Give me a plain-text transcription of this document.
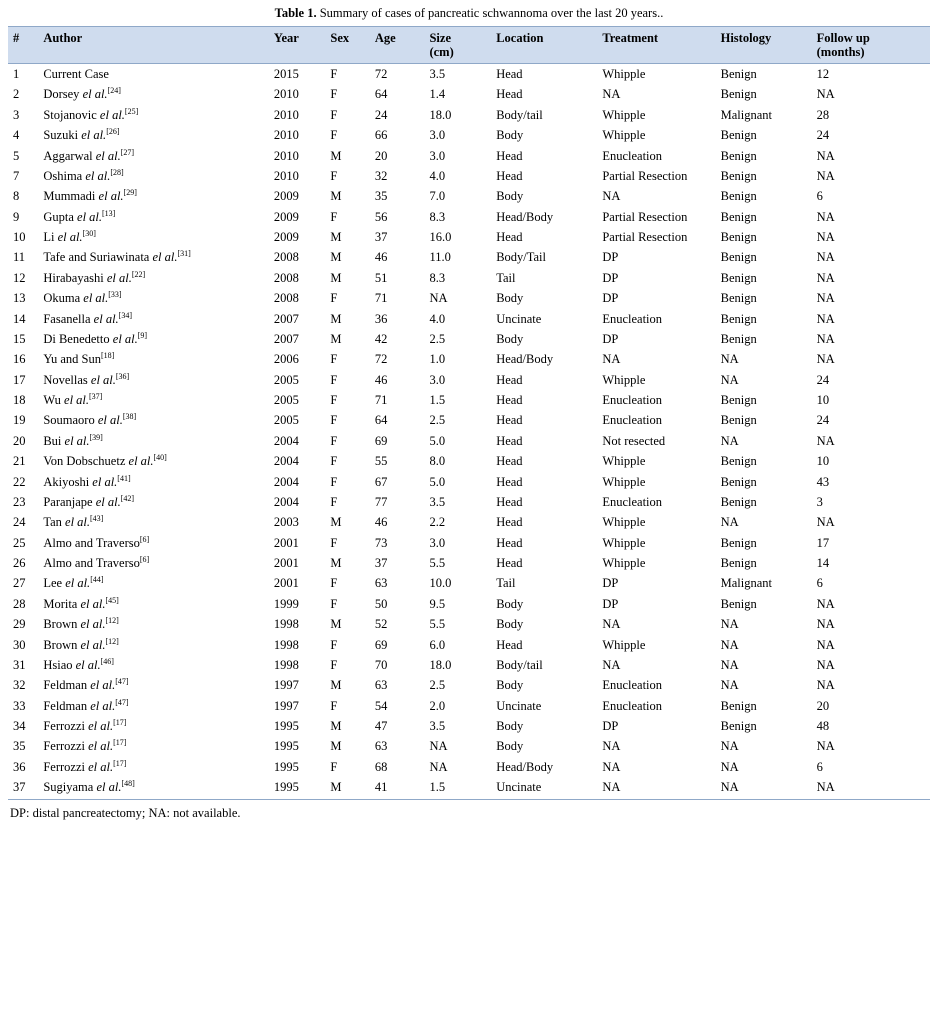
Table 1. Summary of cases of pancreatic schwannoma over the last 20 years..
#	Author	Year	Sex	Age	Size
(cm)	Location	Treatment	Histology	Follow up
(months)

1	Current Case	2015	F	72	3.5	Head	Whipple	Benign	12
2	Dorsey el al.[24]	2010	F	64	1.4	Head	NA	Benign	NA
3	Stojanovic el al.[25]	2010	F	24	18.0	Body/tail	Whipple	Malignant	28
4	Suzuki el al.[26]	2010	F	66	3.0	Body	Whipple	Benign	24
5	Aggarwal el al.[27]	2010	M	20	3.0	Head	Enucleation	Benign	NA
7	Oshima el al.[28]	2010	F	32	4.0	Head	Partial Resection	Benign	NA
8	Mummadi el al.[29]	2009	M	35	7.0	Body	NA	Benign	6
9	Gupta el al.[13]	2009	F	56	8.3	Head/Body	Partial Resection	Benign	NA
10	Li el al.[30]	2009	M	37	16.0	Head	Partial Resection	Benign	NA
11	Tafe and Suriawinata el al.[31]	2008	M	46	11.0	Body/Tail	DP	Benign	NA
12	Hirabayashi el al.[22]	2008	M	51	8.3	Tail	DP	Benign	NA
13	Okuma el al.[33]	2008	F	71	NA	Body	DP	Benign	NA
14	Fasanella el al.[34]	2007	M	36	4.0	Uncinate	Enucleation	Benign	NA
15	Di Benedetto el al.[9]	2007	M	42	2.5	Body	DP	Benign	NA
16	Yu and Sun[18]	2006	F	72	1.0	Head/Body	NA	NA	NA
17	Novellas el al.[36]	2005	F	46	3.0	Head	Whipple	NA	24
18	Wu el al.[37]	2005	F	71	1.5	Head	Enucleation	Benign	10
19	Soumaoro el al.[38]	2005	F	64	2.5	Head	Enucleation	Benign	24
20	Bui el al.[39]	2004	F	69	5.0	Head	Not resected	NA	NA
21	Von Dobschuetz el al.[40]	2004	F	55	8.0	Head	Whipple	Benign	10
22	Akiyoshi el al.[41]	2004	F	67	5.0	Head	Whipple	Benign	43
23	Paranjape el al.[42]	2004	F	77	3.5	Head	Enucleation	Benign	3
24	Tan el al.[43]	2003	M	46	2.2	Head	Whipple	NA	NA
25	Almo and Traverso[6]	2001	F	73	3.0	Head	Whipple	Benign	17
26	Almo and Traverso[6]	2001	M	37	5.5	Head	Whipple	Benign	14
27	Lee el al.[44]	2001	F	63	10.0	Tail	DP	Malignant	6
28	Morita el al.[45]	1999	F	50	9.5	Body	DP	Benign	NA
29	Brown el al.[12]	1998	M	52	5.5	Body	NA	NA	NA
30	Brown el al.[12]	1998	F	69	6.0	Head	Whipple	NA	NA
31	Hsiao el al.[46]	1998	F	70	18.0	Body/tail	NA	NA	NA
32	Feldman el al.[47]	1997	M	63	2.5	Body	Enucleation	NA	NA
33	Feldman el al.[47]	1997	F	54	2.0	Uncinate	Enucleation	Benign	20
34	Ferrozzi el al.[17]	1995	M	47	3.5	Body	DP	Benign	48
35	Ferrozzi el al.[17]	1995	M	63	NA	Body	NA	NA	NA
36	Ferrozzi el al.[17]	1995	F	68	NA	Head/Body	NA	NA	6
37	Sugiyama el al.[48]	1995	M	41	1.5	Uncinate	NA	NA	NA
DP: distal pancreatectomy; NA: not available.
